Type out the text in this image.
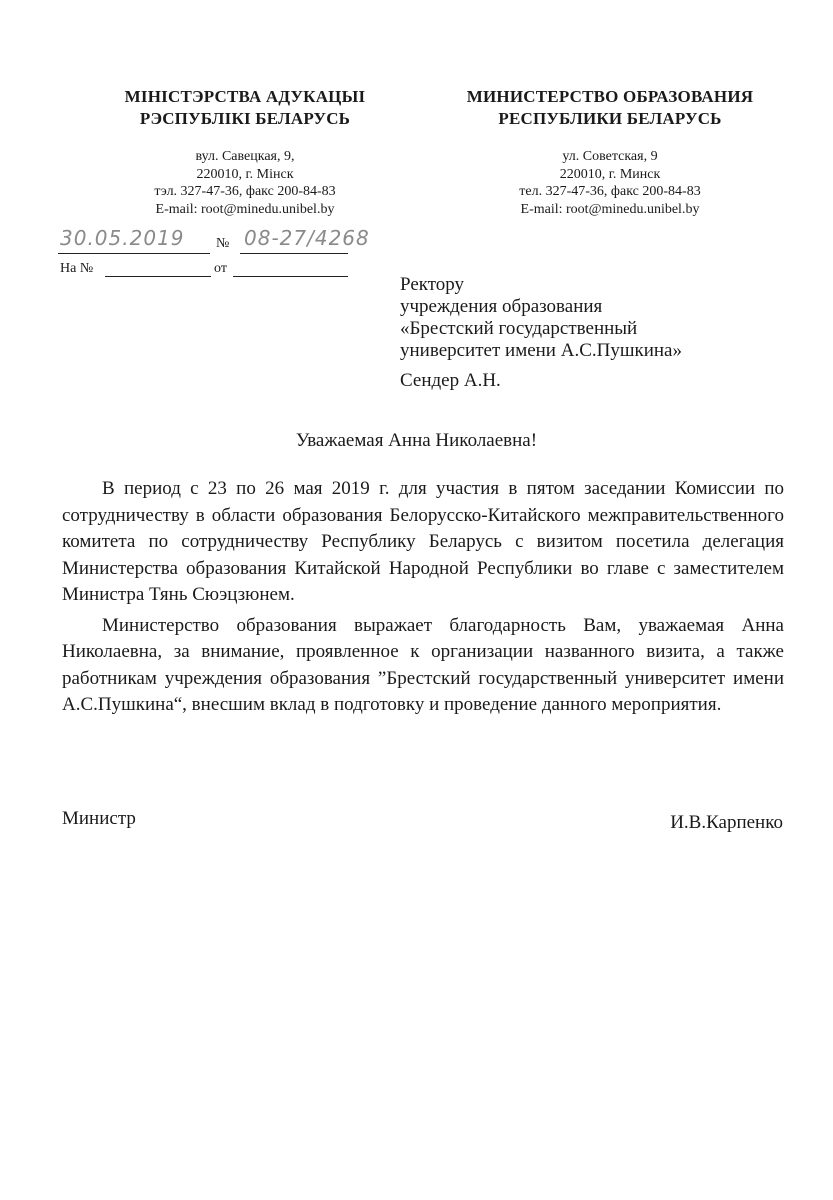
МІНІСТЭРСТВА АДУКАЦЫІ
РЭСПУБЛІКІ БЕЛАРУСЬ
вул. Савецкая, 9,
220010, г. Мінск
тэл. 327-47-36, факс 200-84-83
E-mail: root@minedu.unibel.by
МИНИСТЕРСТВО ОБРАЗОВАНИЯ
РЕСПУБЛИКИ БЕЛАРУСЬ
ул. Советская, 9
220010, г. Минск
тел. 327-47-36, факс 200-84-83
E-mail: root@minedu.unibel.by
30.05.2019 № 08-27/4268
На №	от
Ректору
учреждения образования
«Брестский государственный
университет имени А.С.Пушкина»
Сендер А.Н.
Уважаемая Анна Николаевна!

В период с 23 по 26 мая 2019 г. для участия в пятом заседании Комиссии по сотрудничеству в области образования Белорусско-Китайского межправительственного комитета по сотрудничеству Республику Беларусь с визитом посетила делегация Министерства образования Китайской Народной Республики во главе с заместителем Министра Тянь Сюэцзюнем.

Министерство образования выражает благодарность Вам, уважаемая Анна Николаевна, за внимание, проявленное к организации названного визита, а также работникам учреждения образования ”Брестский государственный университет имени А.С.Пушкина“, внесшим вклад в подготовку и проведение данного мероприятия.

Министр	И.В.Карпенко
